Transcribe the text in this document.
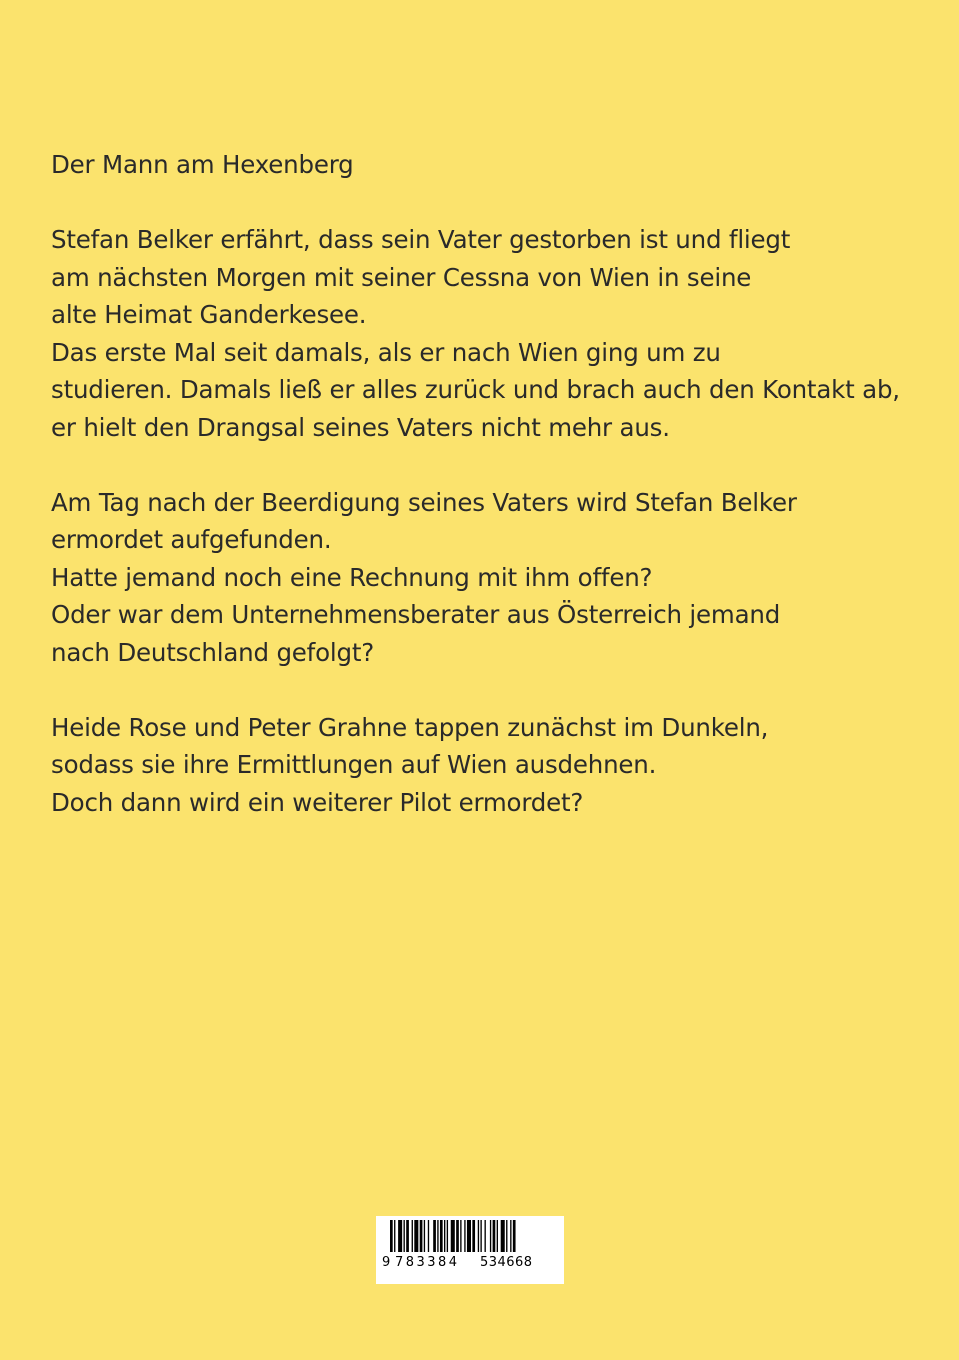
Der Mann am Hexenberg
Stefan Belker erfährt, dass sein Vater gestorben ist und fliegt
am nächsten Morgen mit seiner Cessna von Wien in seine
alte Heimat Ganderkesee.
Das erste Mal seit damals, als er nach Wien ging um zu
studieren. Damals ließ er alles zurück und brach auch den Kontakt ab,
er hielt den Drangsal seines Vaters nicht mehr aus.
Am Tag nach der Beerdigung seines Vaters wird Stefan Belker
ermordet aufgefunden.
Hatte jemand noch eine Rechnung mit ihm offen?
Oder war dem Unternehmensberater aus Österreich jemand
nach Deutschland gefolgt?
Heide Rose und Peter Grahne tappen zunächst im Dunkeln,
sodass sie ihre Ermittlungen auf Wien ausdehnen.
Doch dann wird ein weiterer Pilot ermordet?
9 783384 534668
